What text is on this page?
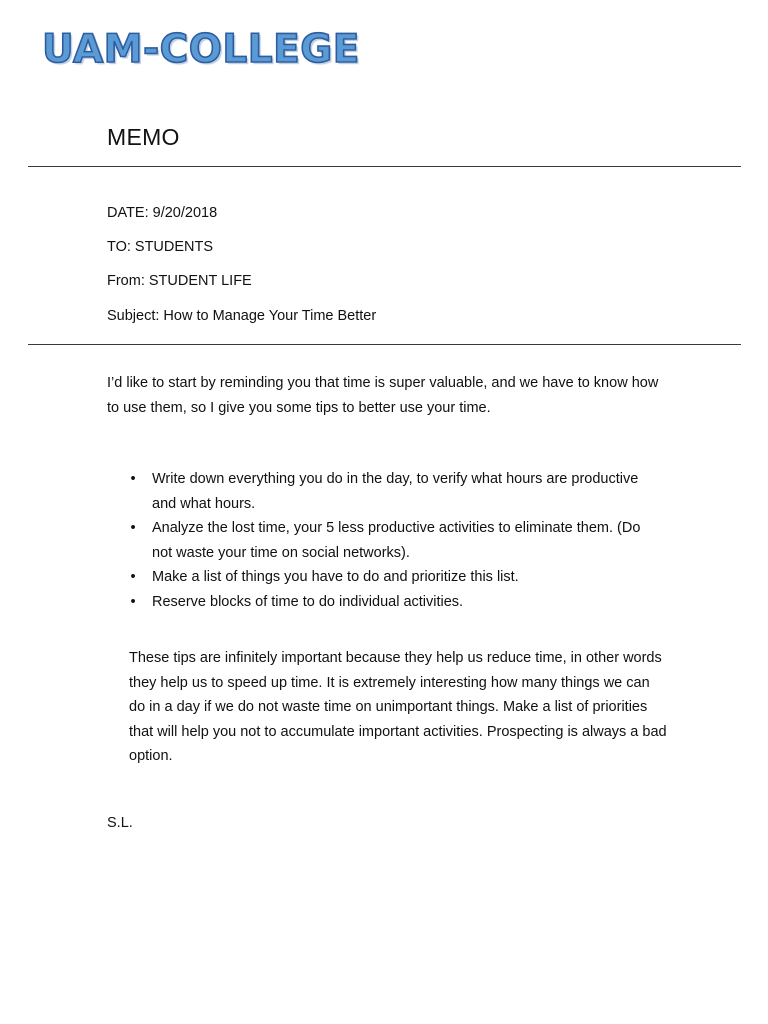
UAM-COLLEGE
MEMO
DATE: 9/20/2018
TO: STUDENTS
From: STUDENT LIFE
Subject: How to Manage Your Time Better

I’d like to start by reminding you that time is super valuable, and we have to know how to use them, so I give you some tips to better use your time.

• Write down everything you do in the day, to verify what hours are productive and what hours.
• Analyze the lost time, your 5 less productive activities to eliminate them. (Do not waste your time on social networks).
• Make a list of things you have to do and prioritize this list.
• Reserve blocks of time to do individual activities.

These tips are infinitely important because they help us reduce time, in other words they help us to speed up time. It is extremely interesting how many things we can do in a day if we do not waste time on unimportant things. Make a list of priorities that will help you not to accumulate important activities. Prospecting is always a bad option.

S.L.
